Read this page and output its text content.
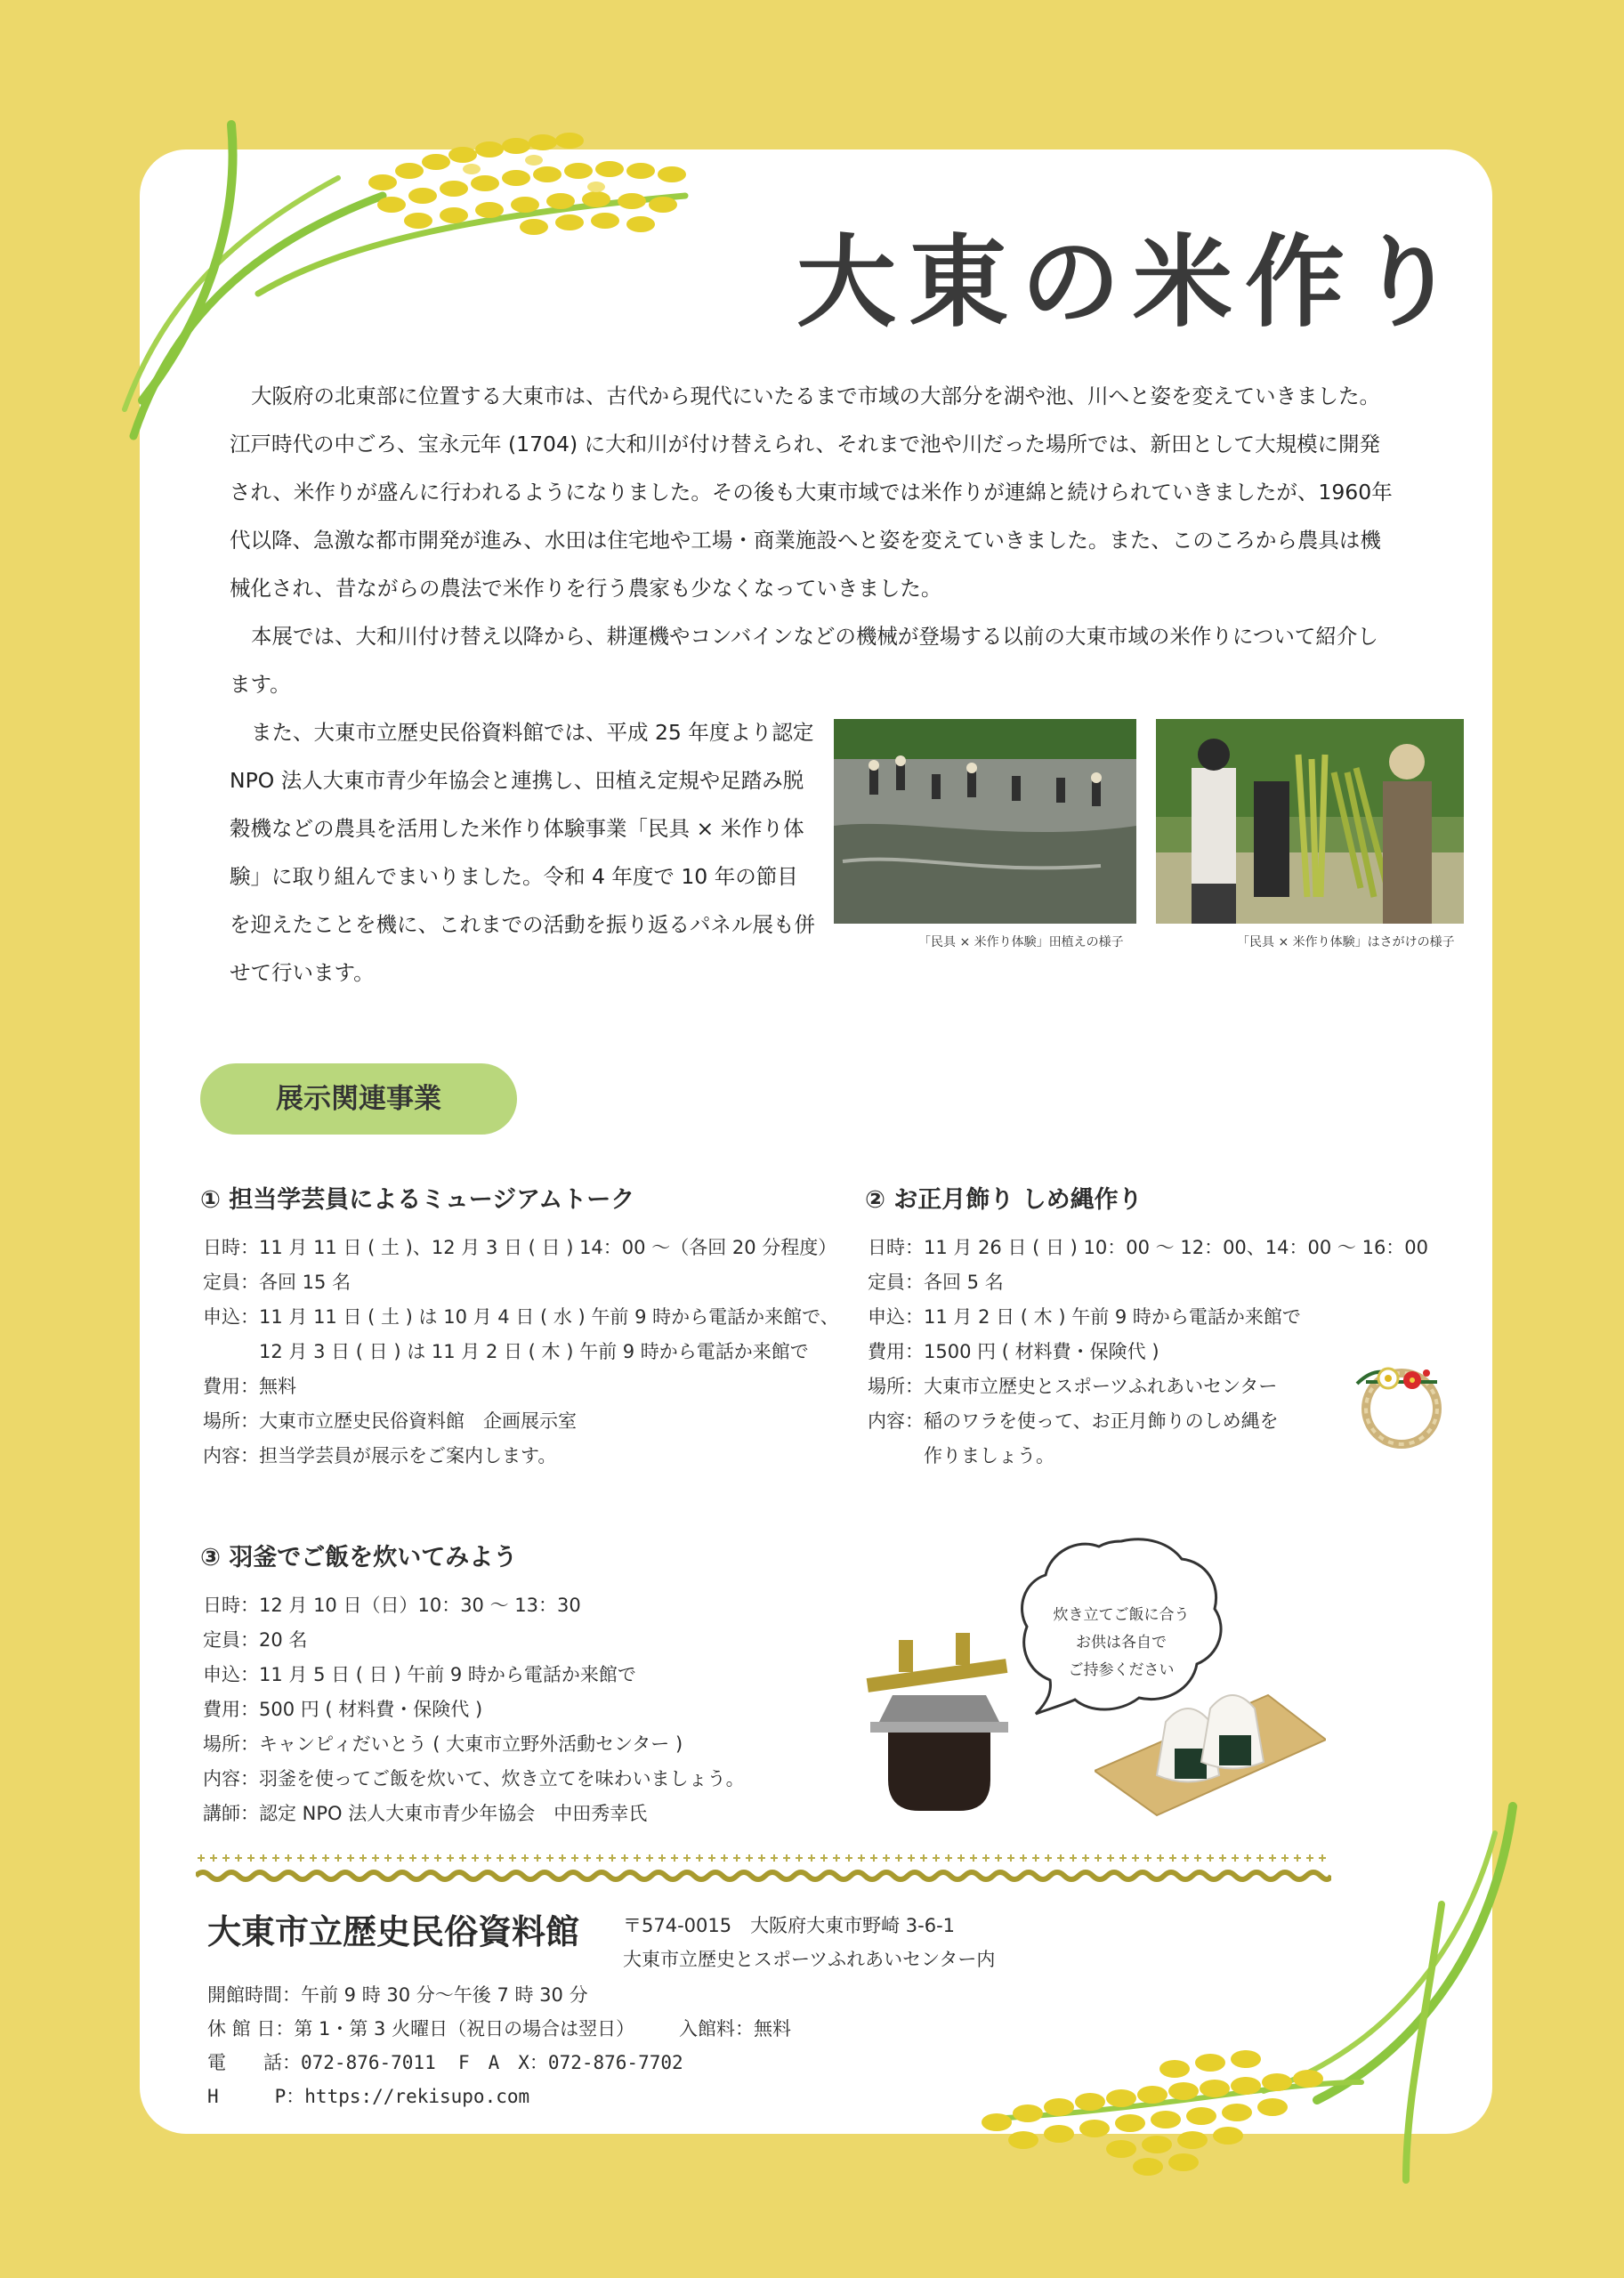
大東の米作り

大阪府の北東部に位置する大東市は、古代から現代にいたるまで市域の大部分を湖や池、川へと姿を変えていきました。江戸時代の中ごろ、宝永元年 (1704) に大和川が付け替えられ、それまで池や川だった場所では、新田として大規模に開発され、米作りが盛んに行われるようになりました。その後も大東市域では米作りが連綿と続けられていきましたが、1960年代以降、急激な都市開発が進み、水田は住宅地や工場・商業施設へと姿を変えていきました。また、このころから農具は機械化され、昔ながらの農法で米作りを行う農家も少なくなっていきました。

本展では、大和川付け替え以降から、耕運機やコンバインなどの機械が登場する以前の大東市域の米作りについて紹介します。

また、大東市立歴史民俗資料館では、平成 25 年度より認定 NPO 法人大東市青少年協会と連携し、田植え定規や足踏み脱穀機などの農具を活用した米作り体験事業「民具 × 米作り体験」に取り組んでまいりました。令和 4 年度で 10 年の節目を迎えたことを機に、これまでの活動を振り返るパネル展も併せて行います。

「民具 × 米作り体験」田植えの様子	「民具 × 米作り体験」はさがけの様子
展示関連事業
① 担当学芸員によるミュージアムトーク
日時：11 月 11 日 ( 土 )、12 月 3 日 ( 日 ) 14：00 ～（各回 20 分程度）
定員：各回 15 名
申込：11 月 11 日 ( 土 ) は 10 月 4 日 ( 水 ) 午前 9 時から電話か来館で、
　　　12 月 3 日 ( 日 ) は 11 月 2 日 ( 木 ) 午前 9 時から電話か来館で
費用：無料
場所：大東市立歴史民俗資料館　企画展示室
内容：担当学芸員が展示をご案内します。
② お正月飾り しめ縄作り
日時：11 月 26 日 ( 日 ) 10：00 ～ 12：00、14：00 ～ 16：00
定員：各回 5 名
申込：11 月 2 日 ( 木 ) 午前 9 時から電話か来館で
費用：1500 円 ( 材料費・保険代 )
場所：大東市立歴史とスポーツふれあいセンター
内容：稲のワラを使って、お正月飾りのしめ縄を
　　　作りましょう。
③ 羽釜でご飯を炊いてみよう
日時：12 月 10 日（日）10：30 ～ 13：30
定員：20 名
申込：11 月 5 日 ( 日 ) 午前 9 時から電話か来館で
費用：500 円 ( 材料費・保険代 )
場所：キャンピィだいとう ( 大東市立野外活動センター )
内容：羽釜を使ってご飯を炊いて、炊き立てを味わいましょう。
講師：認定 NPO 法人大東市青少年協会　中田秀幸氏
炊き立てご飯に合う
お供は各自で
ご持参ください
大東市立歴史民俗資料館 〒574-0015　大阪府大東市野崎 3-6-1
大東市立歴史とスポーツふれあいセンター内
開館時間：午前 9 時 30 分～午後 7 時 30 分
休 館 日：第 1・第 3 火曜日（祝日の場合は翌日） 入館料：無料
電　　話：072-876-7011 F　A　X：072-876-7702
H　　　P：https://rekisupo.com
